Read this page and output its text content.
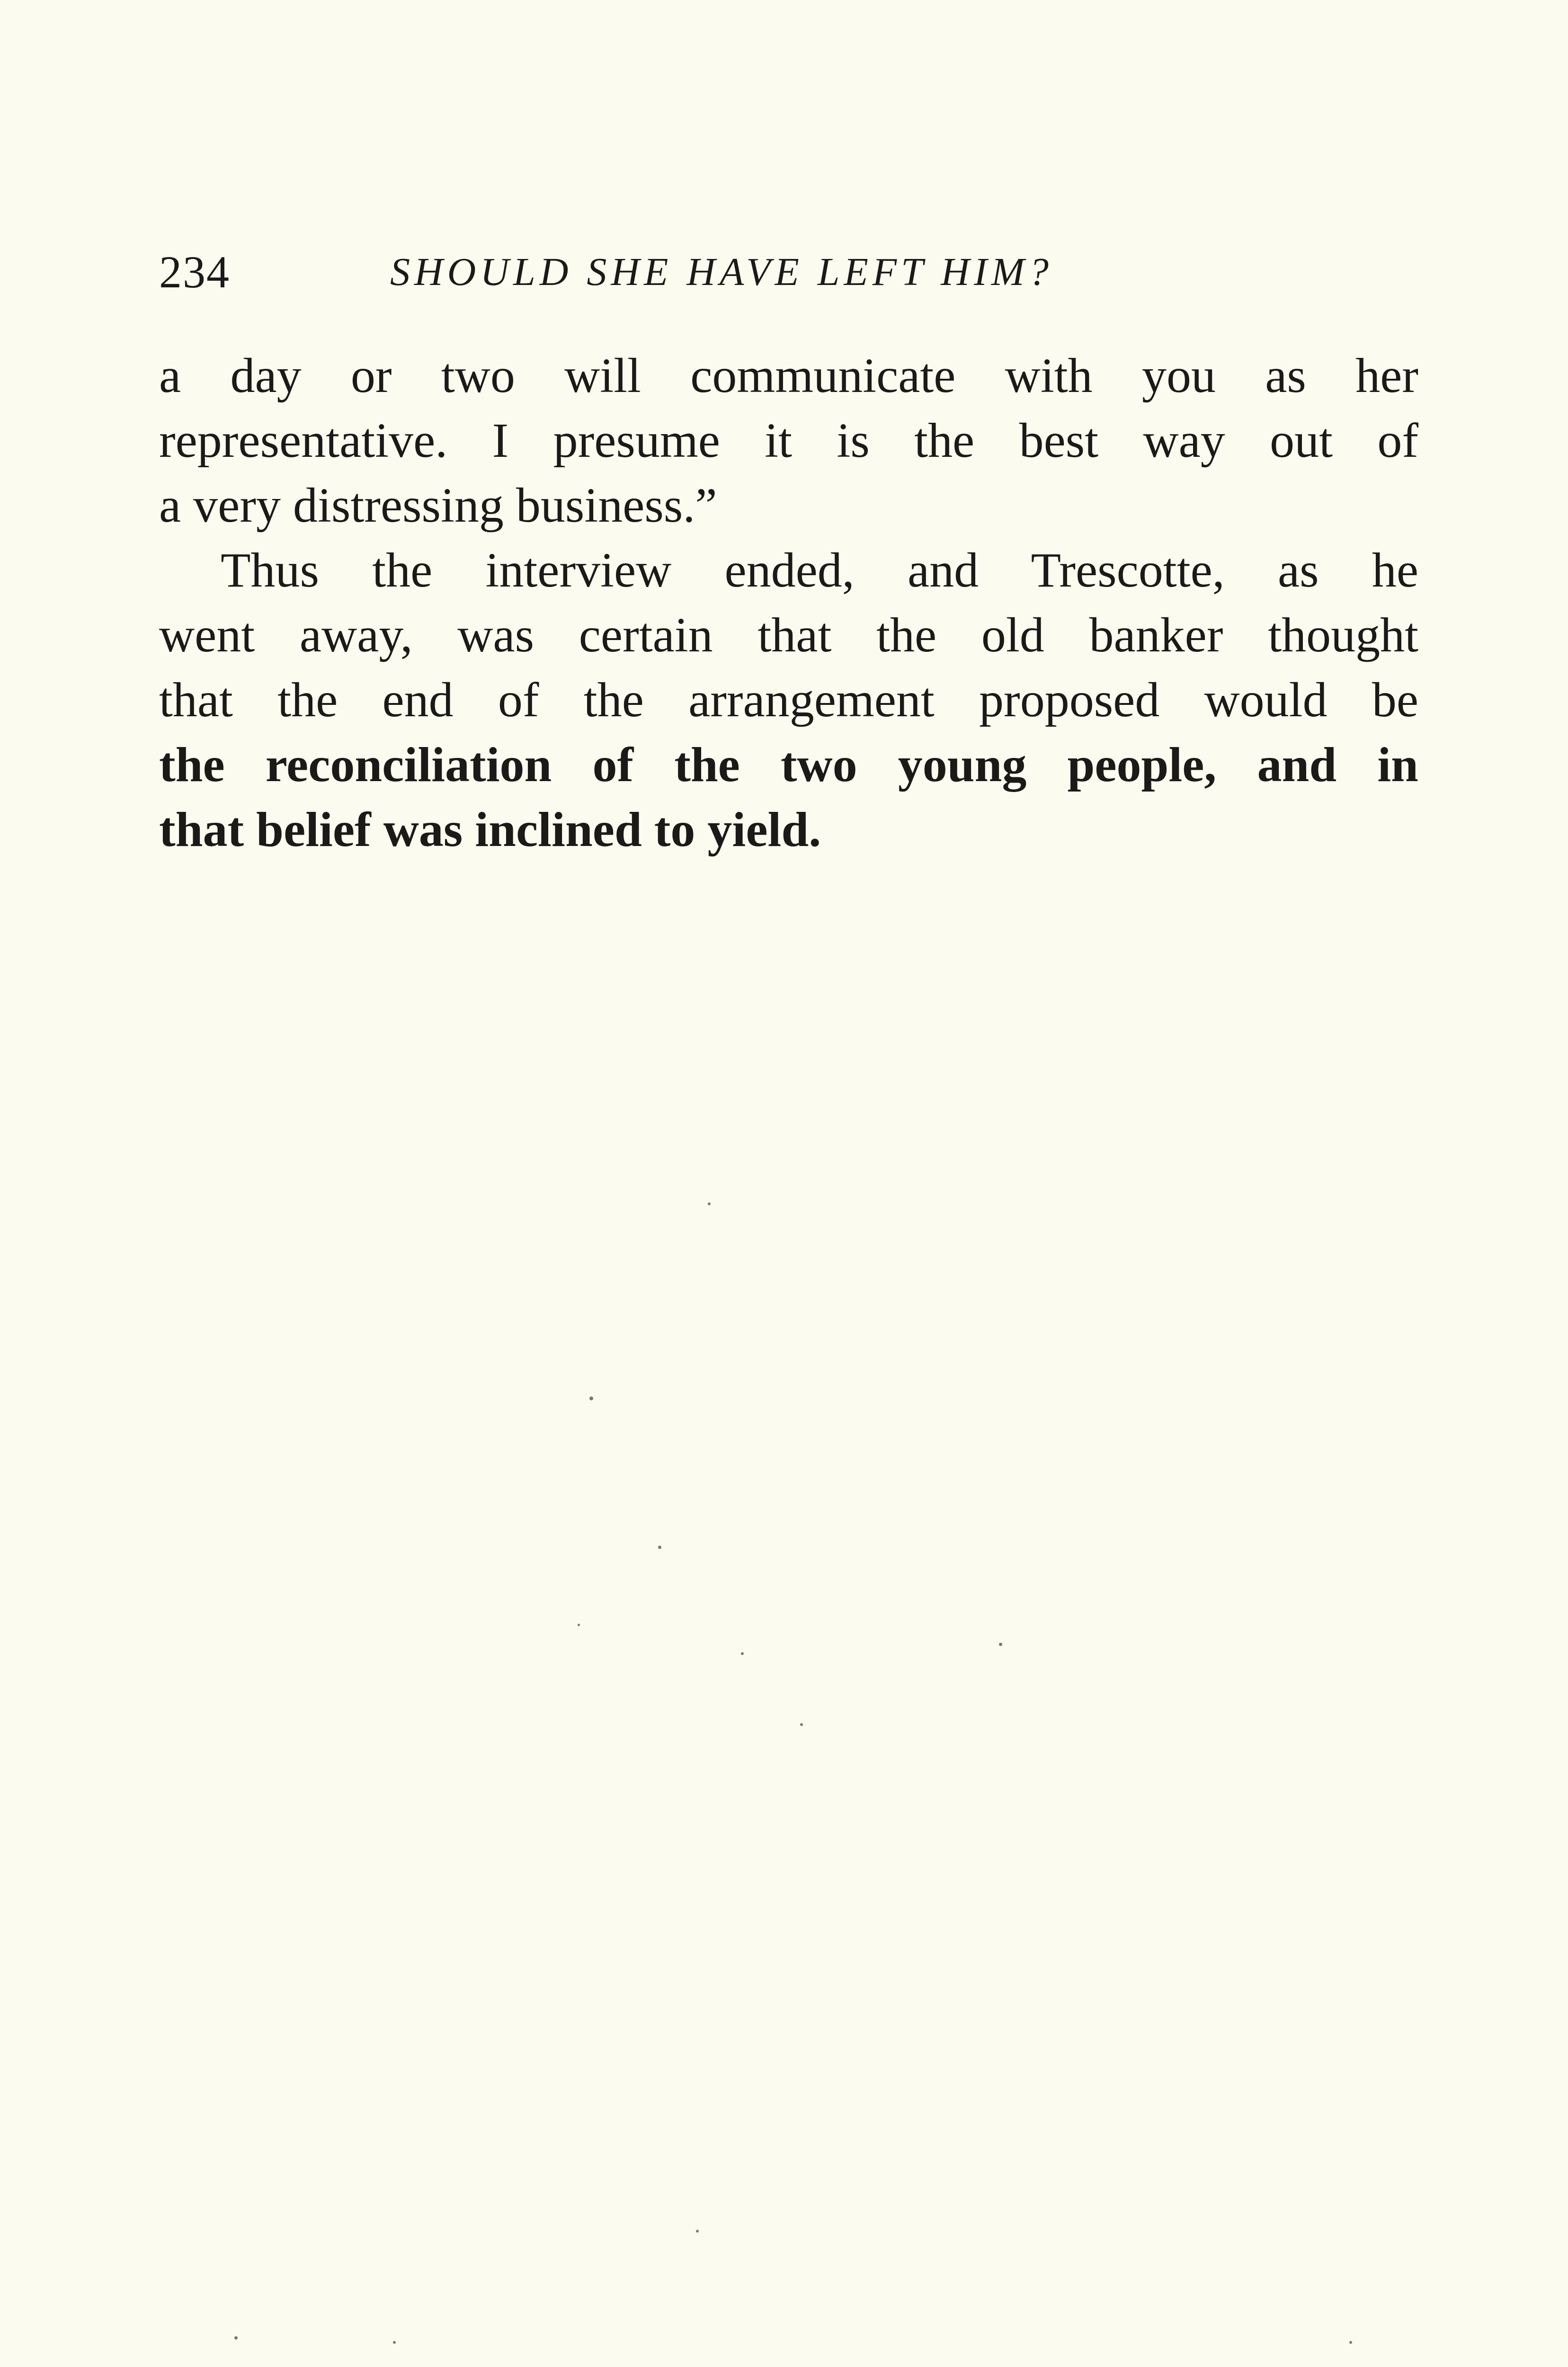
234	SHOULD SHE HAVE LEFT HIM?
a day or two will communicate with you as her
representative. I presume it is the best way out of
a very distressing business.”
Thus the interview ended, and Trescotte, as he
went away, was certain that the old banker thought
that the end of the arrangement proposed would be
the reconciliation of the two young people, and in
that belief was inclined to yield.
